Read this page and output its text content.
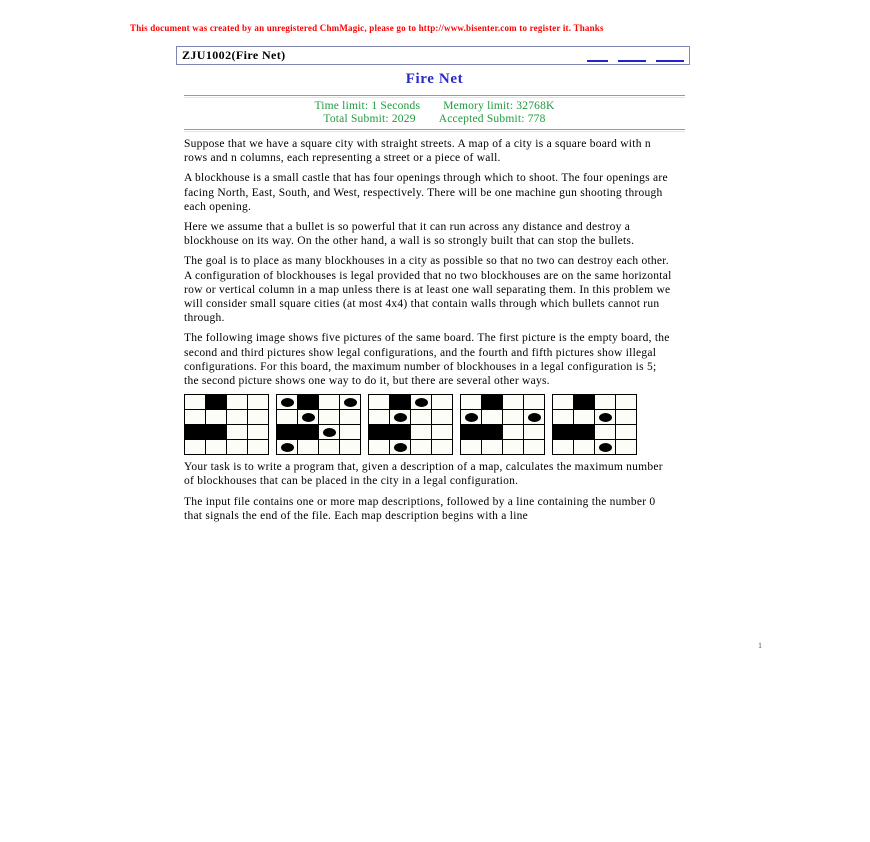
This document was created by an unregistered ChmMagic, please go to http://www.bisenter.com to register it. Thanks
ZJU1002(Fire Net)
Fire Net
Time limit: 1 Seconds Memory limit: 32768K
Total Submit: 2029 Accepted Submit: 778

Suppose that we have a square city with straight streets. A map of a city is a square board with n rows and n columns, each representing a street or a piece of wall.

A blockhouse is a small castle that has four openings through which to shoot. The four openings are facing North, East, South, and West, respectively. There will be one machine gun shooting through each opening.

Here we assume that a bullet is so powerful that it can run across any distance and destroy a blockhouse on its way. On the other hand, a wall is so strongly built that can stop the bullets.

The goal is to place as many blockhouses in a city as possible so that no two can destroy each other. A configuration of blockhouses is legal provided that no two blockhouses are on the same horizontal row or vertical column in a map unless there is at least one wall separating them. In this problem we will consider small square cities (at most 4x4) that contain walls through which bullets cannot run through.

The following image shows five pictures of the same board. The first picture is the empty board, the second and third pictures show legal configurations, and the fourth and fifth pictures show illegal configurations. For this board, the maximum number of blockhouses in a legal configuration is 5; the second picture shows one way to do it, but there are several other ways.

Your task is to write a program that, given a description of a map, calculates the maximum number of blockhouses that can be placed in the city in a legal configuration.

The input file contains one or more map descriptions, followed by a line containing the number 0 that signals the end of the file. Each map description begins with a line

1
